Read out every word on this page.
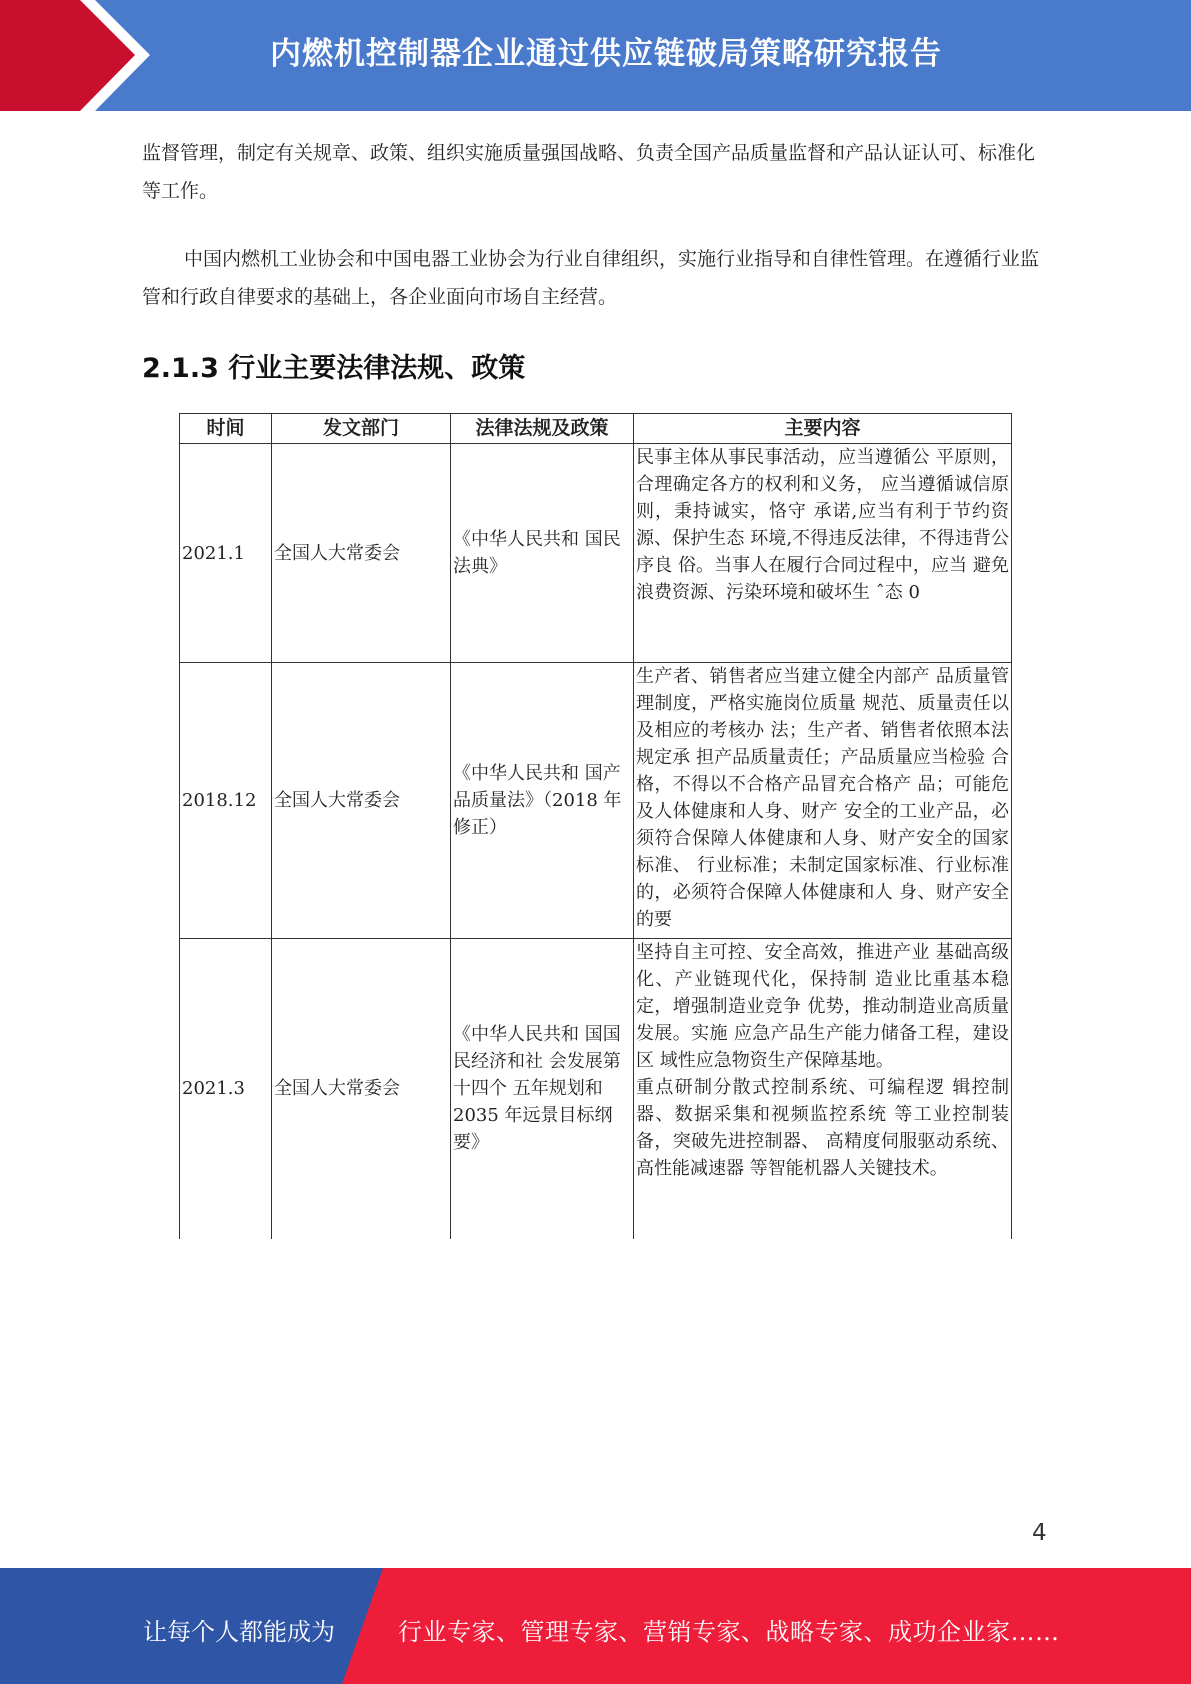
内燃机控制器企业通过供应链破局策略研究报告

监督管理，制定有关规章、政策、组织实施质量强国战略、负责全国产品质量监督和产品认证认可、标准化等工作。

中国内燃机工业协会和中国电器工业协会为行业自律组织，实施行业指导和自律性管理。在遵循行业监管和行政自律要求的基础上，各企业面向市场自主经营。

2.1.3 行业主要法律法规、政策
时间	发文部门	法律法规及政策	主要内容
2021.1	全国人大常委会	《中华人民共和 国民法典》	民事主体从事民事活动，应当遵循公 平原则，合理确定各方的权利和义务， 应当遵循诚信原则，秉持诚实，恪守 承诺,应当有利于节约资源、保护生态 环境,不得违反法律，不得违背公序良 俗。当事人在履行合同过程中，应当 避免浪费资源、污染环境和破坏生 ˆ态 0
2018.12	全国人大常委会	《中华人民共和 国产品质量法》（2018 年修正）	生产者、销售者应当建立健全内部产 品质量管理制度，严格实施岗位质量 规范、质量责任以及相应的考核办 法；生产者、销售者依照本法规定承 担产品质量责任；产品质量应当检验 合格，不得以不合格产品冒充合格产 品；可能危及人体健康和人身、财产 安全的工业产品，必须符合保障人体健康和人身、财产安全的国家标准、 行业标准；未制定国家标准、行业标准的，必须符合保障人体健康和人 身、财产安全的要
2021.3	全国人大常委会	《中华人民共和 国国民经济和社 会发展第十四个 五年规划和 2035 年远景目标纲 要》	坚持自主可控、安全高效，推进产业 基础高级化、产业链现代化，保持制 造业比重基本稳定，增强制造业竞争 优势，推动制造业高质量发展。实施 应急产品生产能力储备工程，建设区 域性应急物资生产保障基地。
重点研制分散式控制系统、可编程逻 辑控制器、数据采集和视频监控系统 等工业控制装备，突破先进控制器、 高精度伺服驱动系统、高性能减速器 等智能机器人关键技术。
4
让每个人都能成为	行业专家、管理专家、营销专家、战略专家、成功企业家……
